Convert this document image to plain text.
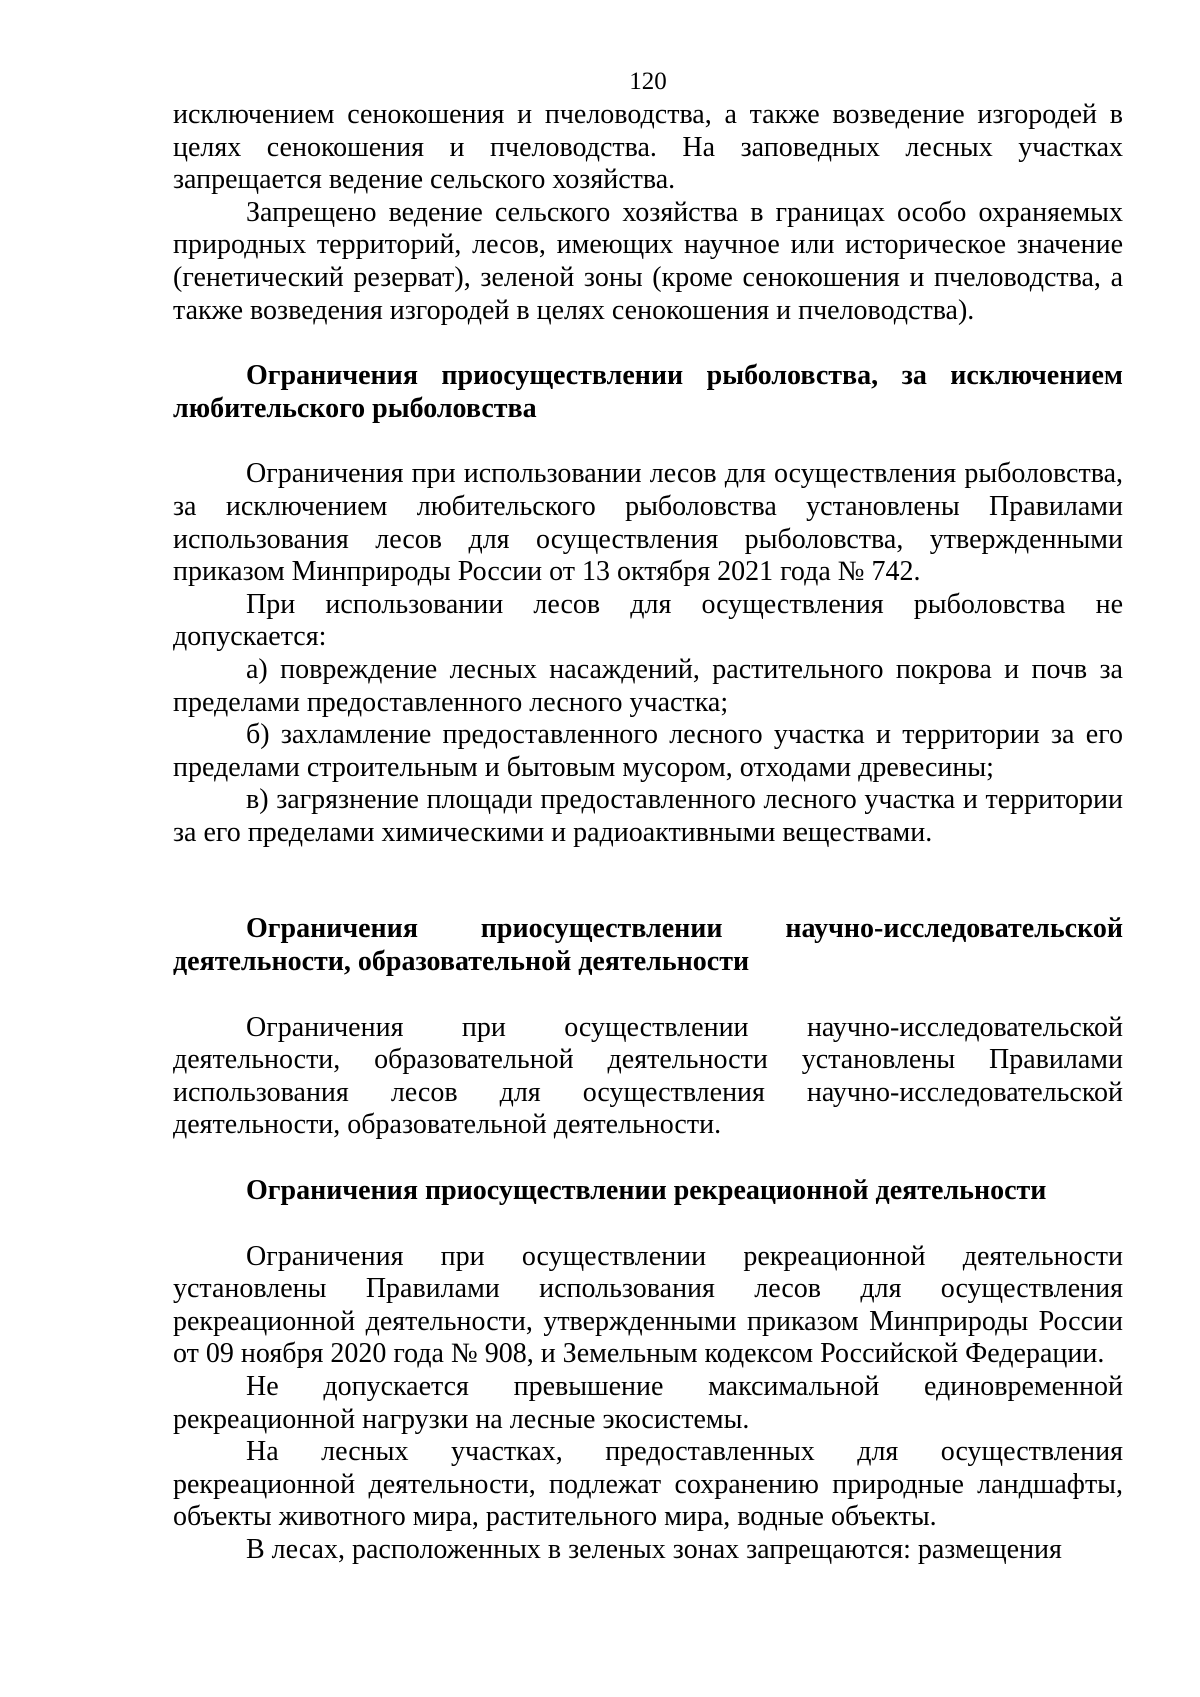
120

исключением сенокошения и пчеловодства, а также возведение изгородей в целях сенокошения и пчеловодства. На заповедных лесных участках запрещается ведение сельского хозяйства.

Запрещено ведение сельского хозяйства в границах особо охраняемых природных территорий, лесов, имеющих научное или историческое значение (генетический резерват), зеленой зоны (кроме сенокошения и пчеловодства, а также возведения изгородей в целях сенокошения и пчеловодства).

Ограничения приосуществлении рыболовства, за исключением любительского рыболовства

Ограничения при использовании лесов для осуществления рыболовства, за исключением любительского рыболовства установлены Правилами использования лесов для осуществления рыболовства, утвержденными приказом Минприроды России от 13 октября 2021 года № 742.

При использовании лесов для осуществления рыболовства не допускается:

а) повреждение лесных насаждений, растительного покрова и почв за пределами предоставленного лесного участка;

б) захламление предоставленного лесного участка и территории за его пределами строительным и бытовым мусором, отходами древесины;

в) загрязнение площади предоставленного лесного участка и территории за его пределами химическими и радиоактивными веществами.

Ограничения приосуществлении научно-исследовательской деятельности, образовательной деятельности

Ограничения при осуществлении научно-исследовательской деятельности, образовательной деятельности установлены Правилами использования лесов для осуществления научно-исследовательской деятельности, образовательной деятельности.

Ограничения приосуществлении рекреационной деятельности

Ограничения при осуществлении рекреационной деятельности установлены Правилами использования лесов для осуществления рекреационной деятельности, утвержденными приказом Минприроды России от 09 ноября 2020 года № 908, и Земельным кодексом Российской Федерации.

Не допускается превышение максимальной единовременной рекреационной нагрузки на лесные экосистемы.

На лесных участках, предоставленных для осуществления рекреационной деятельности, подлежат сохранению природные ландшафты, объекты животного мира, растительного мира, водные объекты.

В лесах, расположенных в зеленых зонах запрещаются: размещения
